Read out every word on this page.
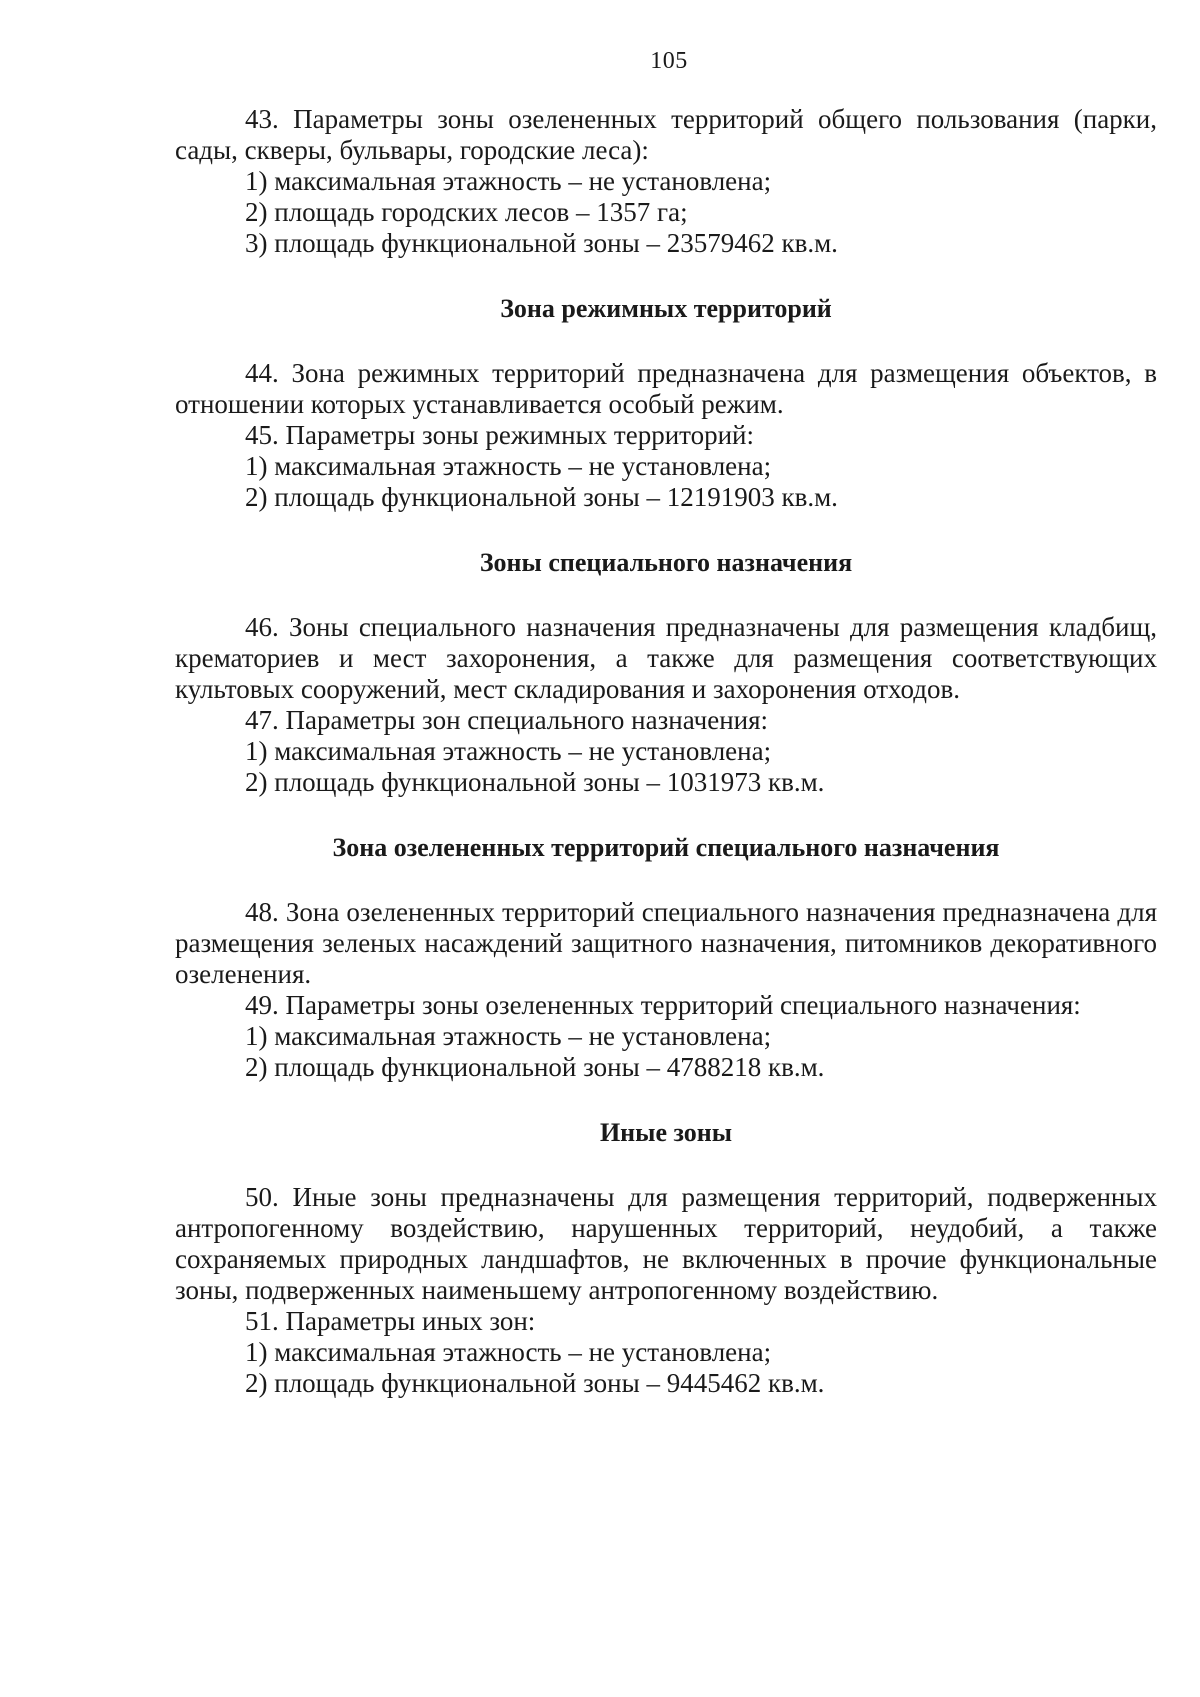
105

43. Параметры зоны озелененных территорий общего пользования (парки, сады, скверы, бульвары, городские леса):

1) максимальная этажность – не установлена;

2) площадь городских лесов – 1357 га;

3) площадь функциональной зоны – 23579462 кв.м.

Зона режимных территорий

44. Зона режимных территорий предназначена для размещения объектов, в отношении которых устанавливается особый режим.

45. Параметры зоны режимных территорий:

1) максимальная этажность – не установлена;

2) площадь функциональной зоны – 12191903 кв.м.

Зоны специального назначения

46. Зоны специального назначения предназначены для размещения кладбищ, крематориев и мест захоронения, а также для размещения соответствующих культовых сооружений, мест складирования и захоронения отходов.

47. Параметры зон специального назначения:

1) максимальная этажность – не установлена;

2) площадь функциональной зоны – 1031973 кв.м.

Зона озелененных территорий специального назначения

48. Зона озелененных территорий специального назначения предназначена для размещения зеленых насаждений защитного назначения, питомников декоративного озеленения.

49. Параметры зоны озелененных территорий специального назначения:

1) максимальная этажность – не установлена;

2) площадь функциональной зоны – 4788218 кв.м.

Иные зоны

50. Иные зоны предназначены для размещения территорий, подверженных антропогенному воздействию, нарушенных территорий, неудобий, а также сохраняемых природных ландшафтов, не включенных в прочие функциональные зоны, подверженных наименьшему антропогенному воздействию.

51. Параметры иных зон:

1) максимальная этажность – не установлена;

2) площадь функциональной зоны – 9445462 кв.м.
